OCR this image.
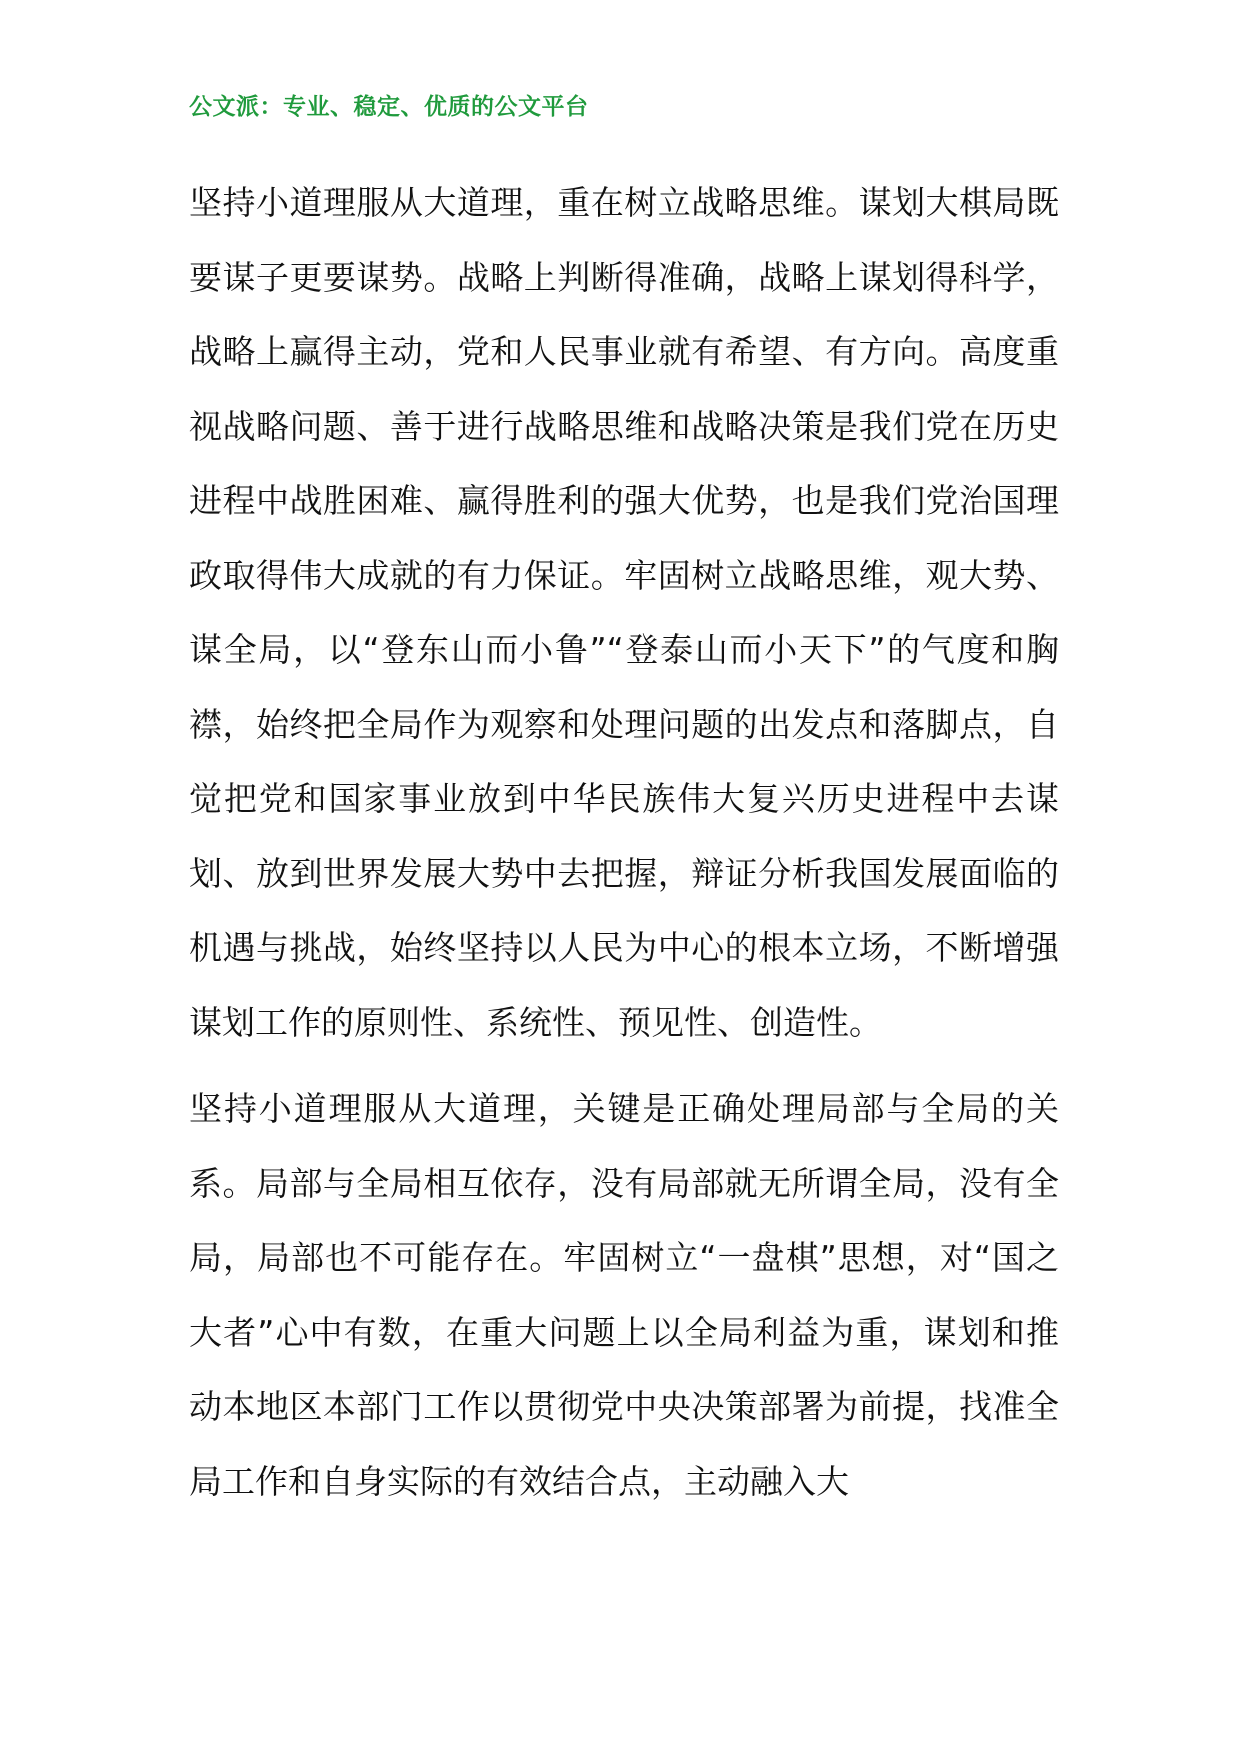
公文派：专业、稳定、优质的公文平台

坚持小道理服从大道理，重在树立战略思维。谋划大棋局既要谋子更要谋势。战略上判断得准确，战略上谋划得科学，战略上赢得主动，党和人民事业就有希望、有方向。高度重视战略问题、善于进行战略思维和战略决策是我们党在历史进程中战胜困难、赢得胜利的强大优势，也是我们党治国理政取得伟大成就的有力保证。牢固树立战略思维，观大势、谋全局，以“登东山而小鲁”“登泰山而小天下”的气度和胸襟，始终把全局作为观察和处理问题的出发点和落脚点，自觉把党和国家事业放到中华民族伟大复兴历史进程中去谋划、放到世界发展大势中去把握，辩证分析我国发展面临的机遇与挑战，始终坚持以人民为中心的根本立场，不断增强谋划工作的原则性、系统性、预见性、创造性。

坚持小道理服从大道理，关键是正确处理局部与全局的关系。局部与全局相互依存，没有局部就无所谓全局，没有全局，局部也不可能存在。牢固树立“一盘棋”思想，对“国之大者”心中有数，在重大问题上以全局利益为重，谋划和推动本地区本部门工作以贯彻党中央决策部署为前提，找准全局工作和自身实际的有效结合点，主动融入大
